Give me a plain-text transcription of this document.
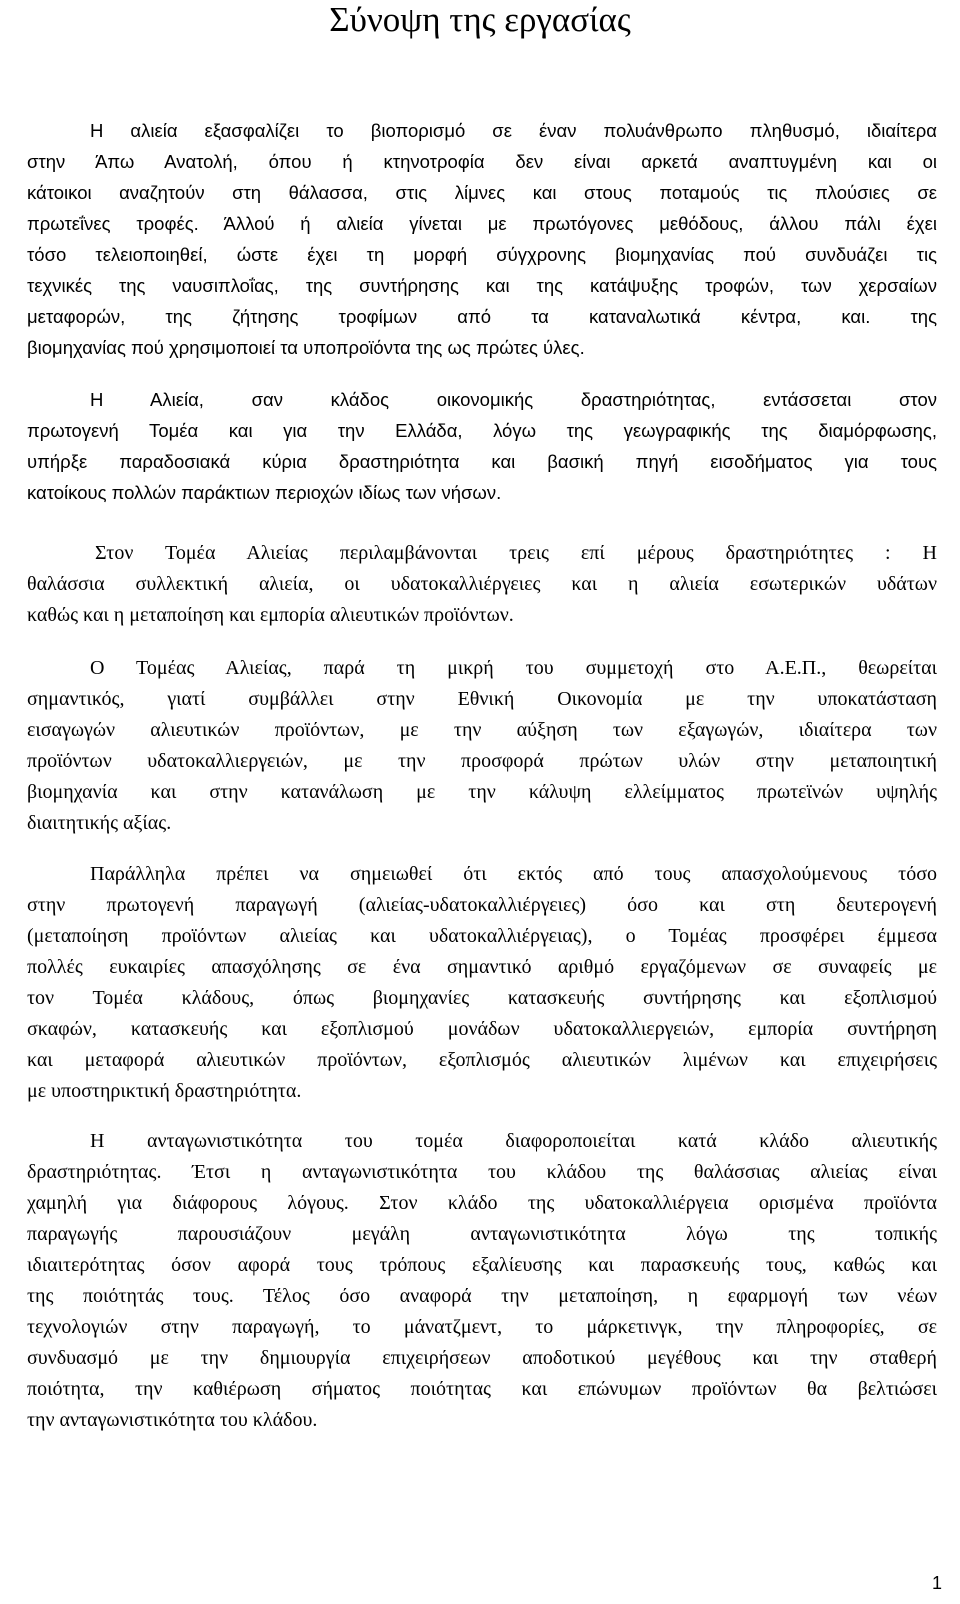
Σύνοψη της εργασίας
Η αλιεία εξασφαλίζει το βιοπορισμό σε έναν πολυάνθρωπο πληθυσμό, ιδιαίτερα
στην Άπω Ανατολή, όπου ή κτηνοτροφία δεν είναι αρκετά αναπτυγμένη και οι
κάτοικοι αναζητούν στη θάλασσα, στις λίμνες και στους ποταμούς τις πλούσιες σε
πρωτεΐνες τροφές. Άλλού ή αλιεία γίνεται με πρωτόγονες μεθόδους, άλλου πάλι έχει
τόσο τελειοποιηθεί, ώστε έχει τη μορφή σύγχρονης βιομηχανίας πού συνδυάζει τις
τεχνικές της ναυσιπλοΐας, της συντήρησης και της κατάψυξης τροφών, των χερσαίων
μεταφορών, της ζήτησης τροφίμων από τα καταναλωτικά κέντρα, και. της
βιομηχανίας πού χρησιμοποιεί τα υποπροϊόντα της ως πρώτες ύλες.
Η Αλιεία, σαν κλάδος οικονομικής δραστηριότητας, εντάσσεται στον
πρωτογενή Τομέα και για την Ελλάδα, λόγω της γεωγραφικής της διαμόρφωσης,
υπήρξε παραδοσιακά κύρια δραστηριότητα και βασική πηγή εισοδήματος για τους
κατοίκους πολλών παράκτιων περιοχών ιδίως των νήσων.
Στον Τομέα Αλιείας περιλαμβάνονται τρεις επί μέρους δραστηριότητες : Η
θαλάσσια συλλεκτική αλιεία, οι υδατοκαλλιέργειες και η αλιεία εσωτερικών υδάτων
καθώς και η μεταποίηση και εμπορία αλιευτικών προϊόντων.
Ο Τομέας Αλιείας, παρά τη μικρή του συμμετοχή στο Α.Ε.Π., θεωρείται
σημαντικός, γιατί συμβάλλει στην Εθνική Οικονομία με την υποκατάσταση
εισαγωγών αλιευτικών προϊόντων, με την αύξηση των εξαγωγών, ιδιαίτερα των
προϊόντων υδατοκαλλιεργειών, με την προσφορά πρώτων υλών στην μεταποιητική
βιομηχανία και στην κατανάλωση με την κάλυψη ελλείμματος πρωτεϊνών υψηλής
διαιτητικής αξίας.
Παράλληλα πρέπει να σημειωθεί ότι εκτός από τους απασχολούμενους τόσο
στην πρωτογενή παραγωγή (αλιείας-υδατοκαλλιέργειες) όσο και στη δευτερογενή
(μεταποίηση προϊόντων αλιείας και υδατοκαλλιέργειας), ο Τομέας προσφέρει έμμεσα
πολλές ευκαιρίες απασχόλησης σε ένα σημαντικό αριθμό εργαζόμενων σε συναφείς με
τον Τομέα κλάδους, όπως βιομηχανίες κατασκευής συντήρησης και εξοπλισμού
σκαφών, κατασκευής και εξοπλισμού μονάδων υδατοκαλλιεργειών, εμπορία συντήρηση
και μεταφορά αλιευτικών προϊόντων, εξοπλισμός αλιευτικών λιμένων και επιχειρήσεις
με υποστηρικτική δραστηριότητα.
Η ανταγωνιστικότητα του τομέα διαφοροποιείται κατά κλάδο αλιευτικής
δραστηριότητας. Έτσι η ανταγωνιστικότητα του κλάδου της θαλάσσιας αλιείας είναι
χαμηλή για διάφορους λόγους. Στον κλάδο της υδατοκαλλιέργεια ορισμένα προϊόντα
παραγωγής παρουσιάζουν μεγάλη ανταγωνιστικότητα λόγω της τοπικής
ιδιαιτερότητας όσον αφορά τους τρόπους εξαλίευσης και παρασκευής τους, καθώς και
της ποιότητάς τους. Τέλος όσο αναφορά την μεταποίηση, η εφαρμογή των νέων
τεχνολογιών στην παραγωγή, το μάνατζμεντ, το μάρκετινγκ, την πληροφορίες, σε
συνδυασμό με την δημιουργία επιχειρήσεων αποδοτικού μεγέθους και την σταθερή
ποιότητα, την καθιέρωση σήματος ποιότητας και επώνυμων προϊόντων θα βελτιώσει
την ανταγωνιστικότητα του κλάδου.
1
